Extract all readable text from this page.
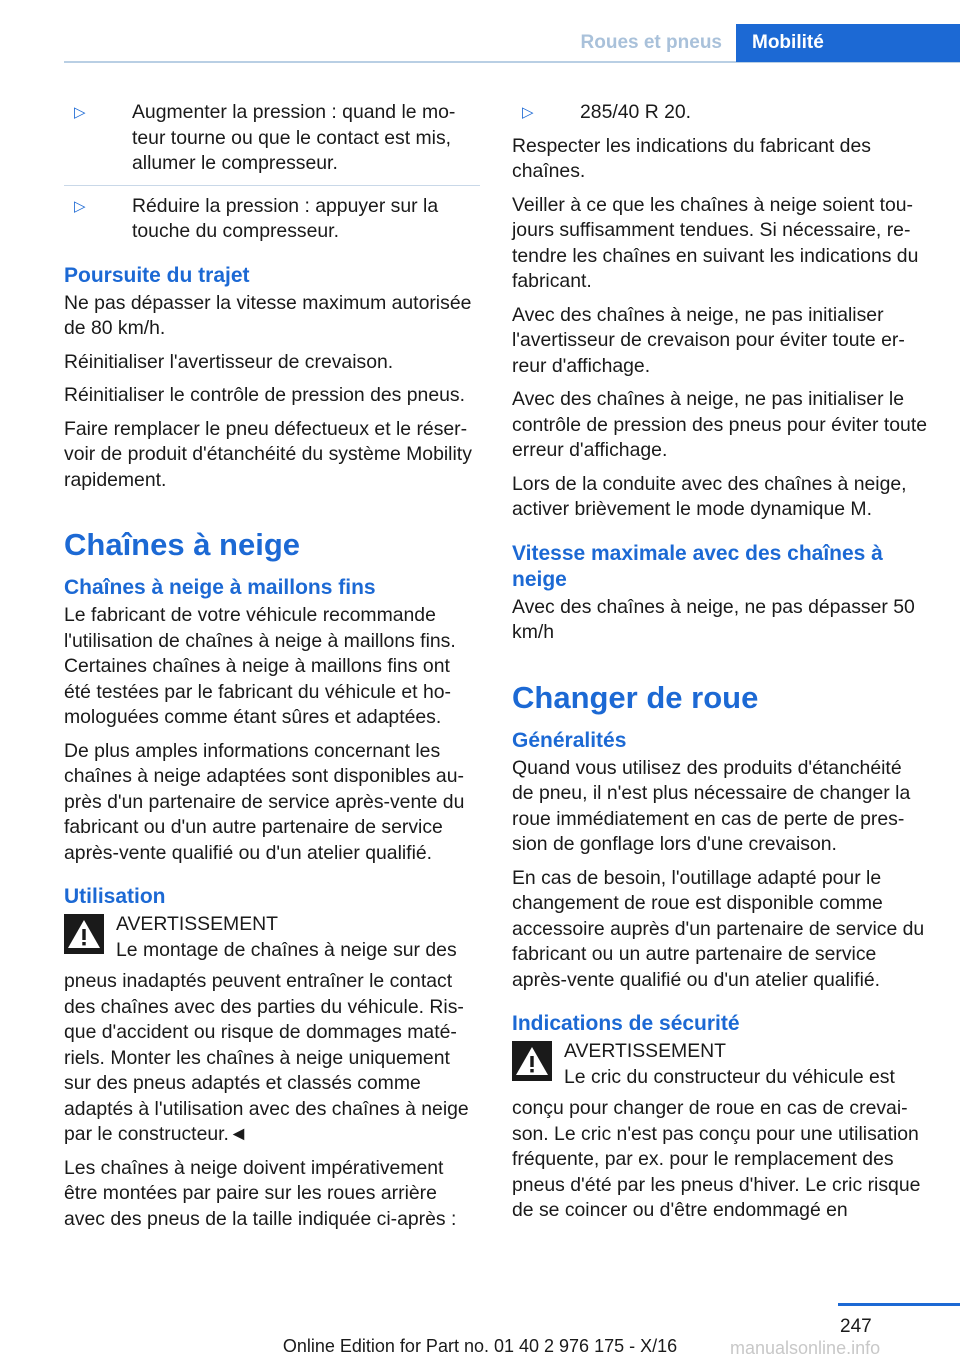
Roues et pneus	Mobilité
▷ Augmenter la pression : quand le moteur tourne ou que le contact est mis, allumer le compresseur.
▷ Réduire la pression : appuyer sur la touche du compresseur.
Poursuite du trajet

Ne pas dépasser la vitesse maximum autorisée de 80 km/h.

Réinitialiser l'avertisseur de crevaison.

Réinitialiser le contrôle de pression des pneus.

Faire remplacer le pneu défectueux et le réservoir de produit d'étanchéité du système Mobility rapidement.

Chaînes à neige
Chaînes à neige à maillons fins

Le fabricant de votre véhicule recommande l'utilisation de chaînes à neige à maillons fins. Certaines chaînes à neige à maillons fins ont été testées par le fabricant du véhicule et homologuées comme étant sûres et adaptées.

De plus amples informations concernant les chaînes à neige adaptées sont disponibles auprès d'un partenaire de service après-vente du fabricant ou d'un autre partenaire de service après-vente qualifié ou d'un atelier qualifié.

Utilisation
AVERTISSEMENT
Le montage de chaînes à neige sur des

pneus inadaptés peuvent entraîner le contact des chaînes avec des parties du véhicule. Risque d'accident ou risque de dommages matériels. Monter les chaînes à neige uniquement sur des pneus adaptés et classés comme adaptés à l'utilisation avec des chaînes à neige par le constructeur.◄

Les chaînes à neige doivent impérativement être montées par paire sur les roues arrière avec des pneus de la taille indiquée ci-après :

▷ 285/40 R 20.

Respecter les indications du fabricant des chaînes.

Veiller à ce que les chaînes à neige soient toujours suffisamment tendues. Si nécessaire, retendre les chaînes en suivant les indications du fabricant.

Avec des chaînes à neige, ne pas initialiser l'avertisseur de crevaison pour éviter toute erreur d'affichage.

Avec des chaînes à neige, ne pas initialiser le contrôle de pression des pneus pour éviter toute erreur d'affichage.

Lors de la conduite avec des chaînes à neige, activer brièvement le mode dynamique M.

Vitesse maximale avec des chaînes à neige

Avec des chaînes à neige, ne pas dépasser 50 km/h

Changer de roue
Généralités

Quand vous utilisez des produits d'étanchéité de pneu, il n'est plus nécessaire de changer la roue immédiatement en cas de perte de pression de gonflage lors d'une crevaison.

En cas de besoin, l'outillage adapté pour le changement de roue est disponible comme accessoire auprès d'un partenaire de service du fabricant ou un autre partenaire de service après-vente qualifié ou d'un atelier qualifié.

Indications de sécurité
AVERTISSEMENT
Le cric du constructeur du véhicule est

conçu pour changer de roue en cas de crevaison. Le cric n'est pas conçu pour une utilisation fréquente, par ex. pour le remplacement des pneus d'été par les pneus d'hiver. Le cric risque de se coincer ou d'être endommagé en

247
Online Edition for Part no. 01 40 2 976 175 - X/16	manualsonline.info
